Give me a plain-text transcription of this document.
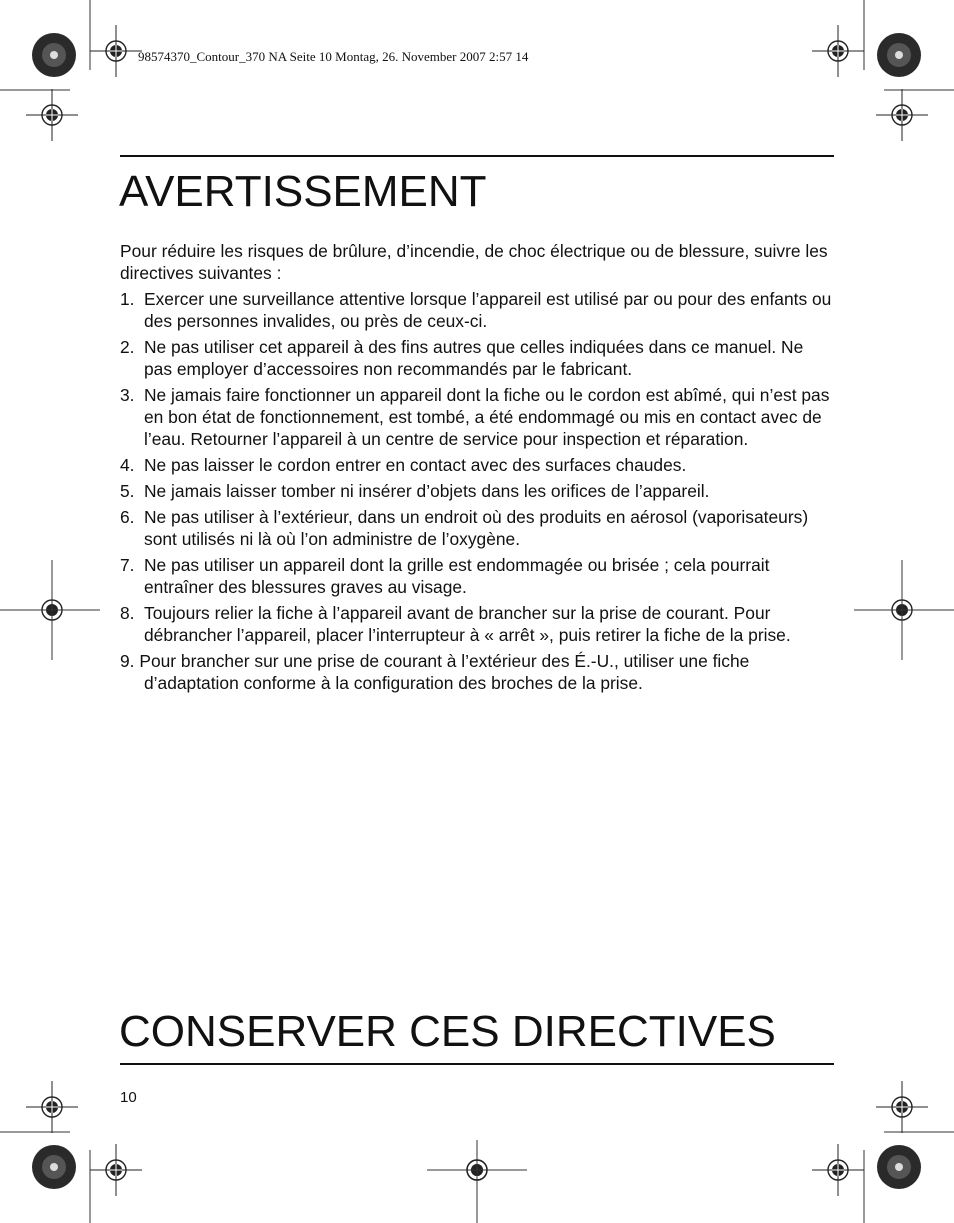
98574370_Contour_370 NA Seite 10 Montag, 26. November 2007 2:57 14
AVERTISSEMENT

Pour réduire les risques de brûlure, d’incendie, de choc électrique ou de blessure, suivre les directives suivantes :

1. Exercer une surveillance attentive lorsque l’appareil est utilisé par ou pour des enfants ou des personnes invalides, ou près de ceux-ci.
2. Ne pas utiliser cet appareil à des fins autres que celles indiquées dans ce manuel. Ne pas employer d’accessoires non recommandés par le fabricant.
3. Ne jamais faire fonctionner un appareil dont la fiche ou le cordon est abîmé, qui n’est pas en bon état de fonctionnement, est tombé, a été endommagé ou mis en contact avec de l’eau. Retourner l’appareil à un centre de service pour inspection et réparation.
4. Ne pas laisser le cordon entrer en contact avec des surfaces chaudes.
5. Ne jamais laisser tomber ni insérer d’objets dans les orifices de l’appareil.
6. Ne pas utiliser à l’extérieur, dans un endroit où des produits en aérosol (vaporisateurs) sont utilisés ni là où l’on administre de l’oxygène.
7. Ne pas utiliser un appareil dont la grille est endommagée ou brisée ; cela pourrait entraîner des blessures graves au visage.
8. Toujours relier la fiche à l’appareil avant de brancher sur la prise de courant. Pour débrancher l’appareil, placer l’interrupteur à « arrêt », puis retirer la fiche de la prise.
9. Pour brancher sur une prise de courant à l’extérieur des É.-U., utiliser une fiche
d’adaptation conforme à la configuration des broches de la prise.
CONSERVER CES DIRECTIVES
10
